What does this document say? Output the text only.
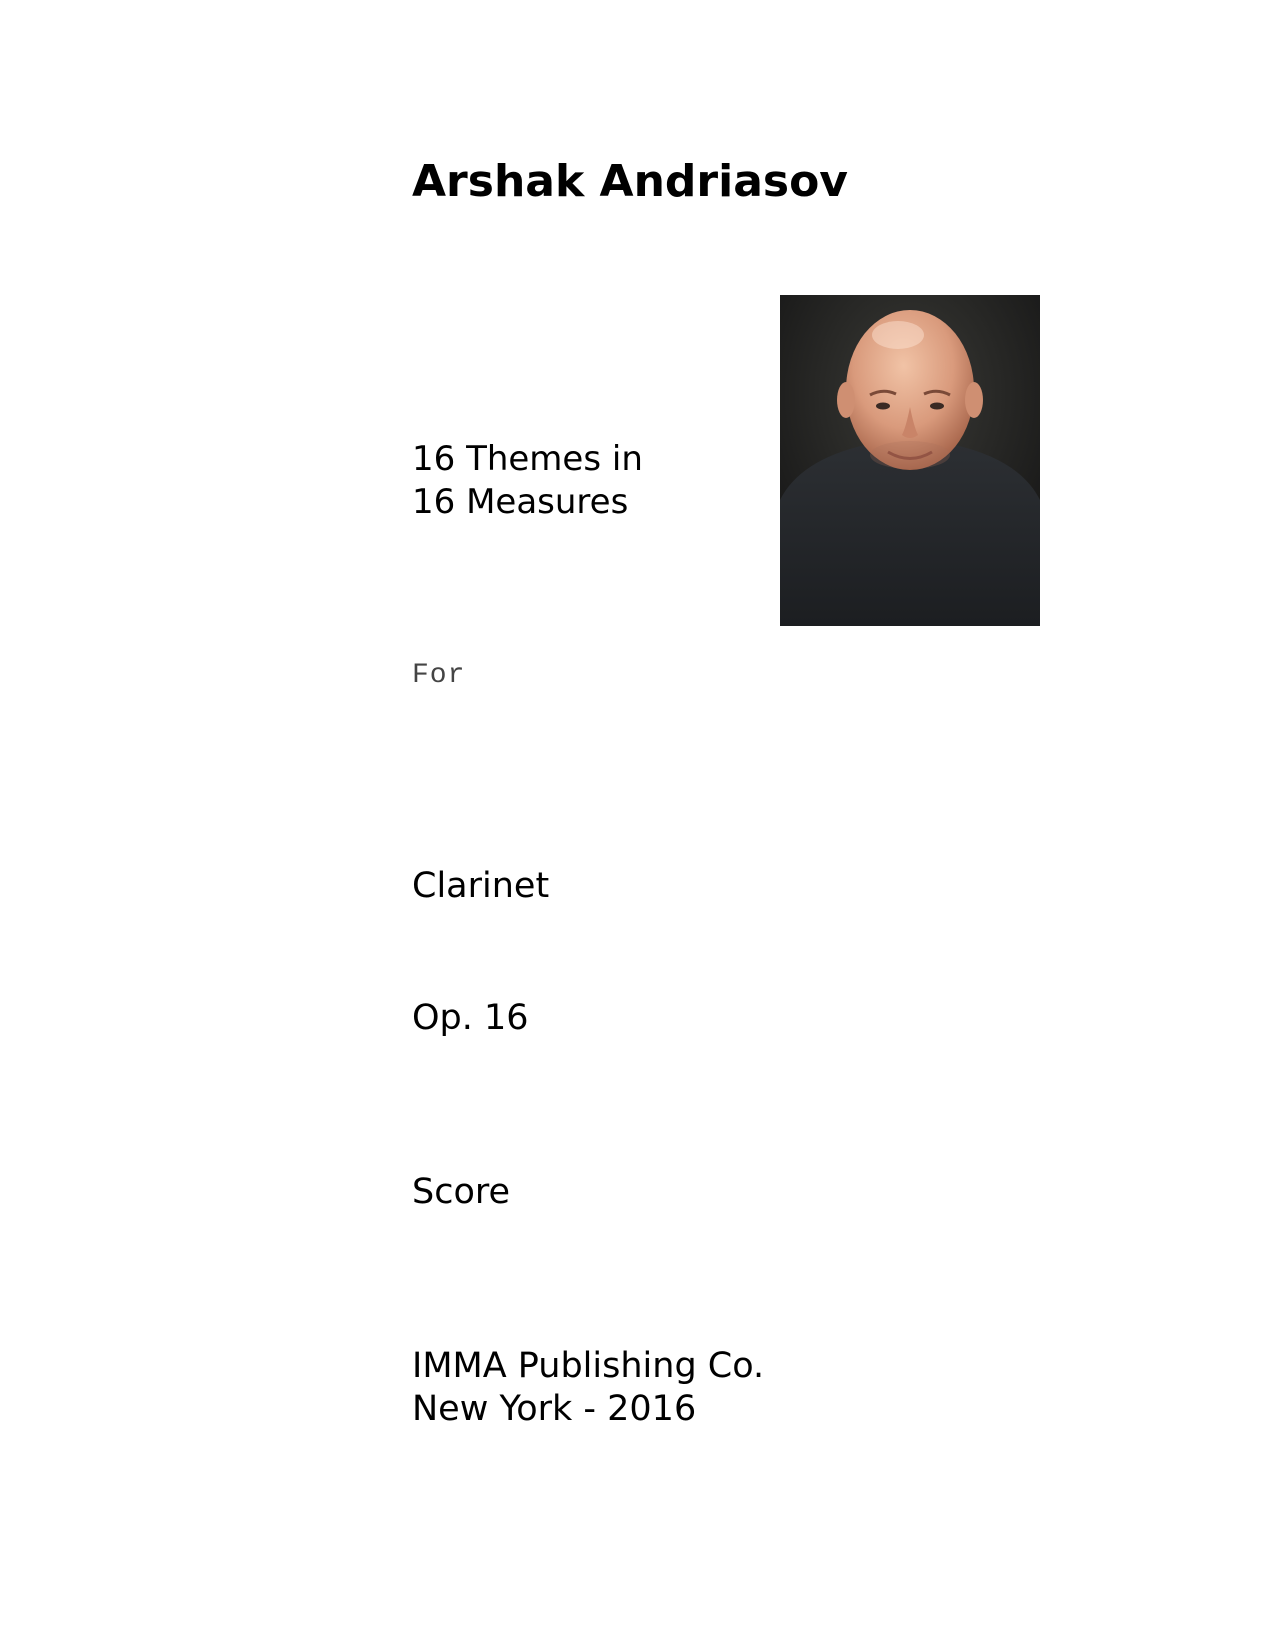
Arshak Andriasov
16 Themes in
16 Measures
For
Clarinet
Op. 16
Score
IMMA Publishing Co.
New York - 2016
